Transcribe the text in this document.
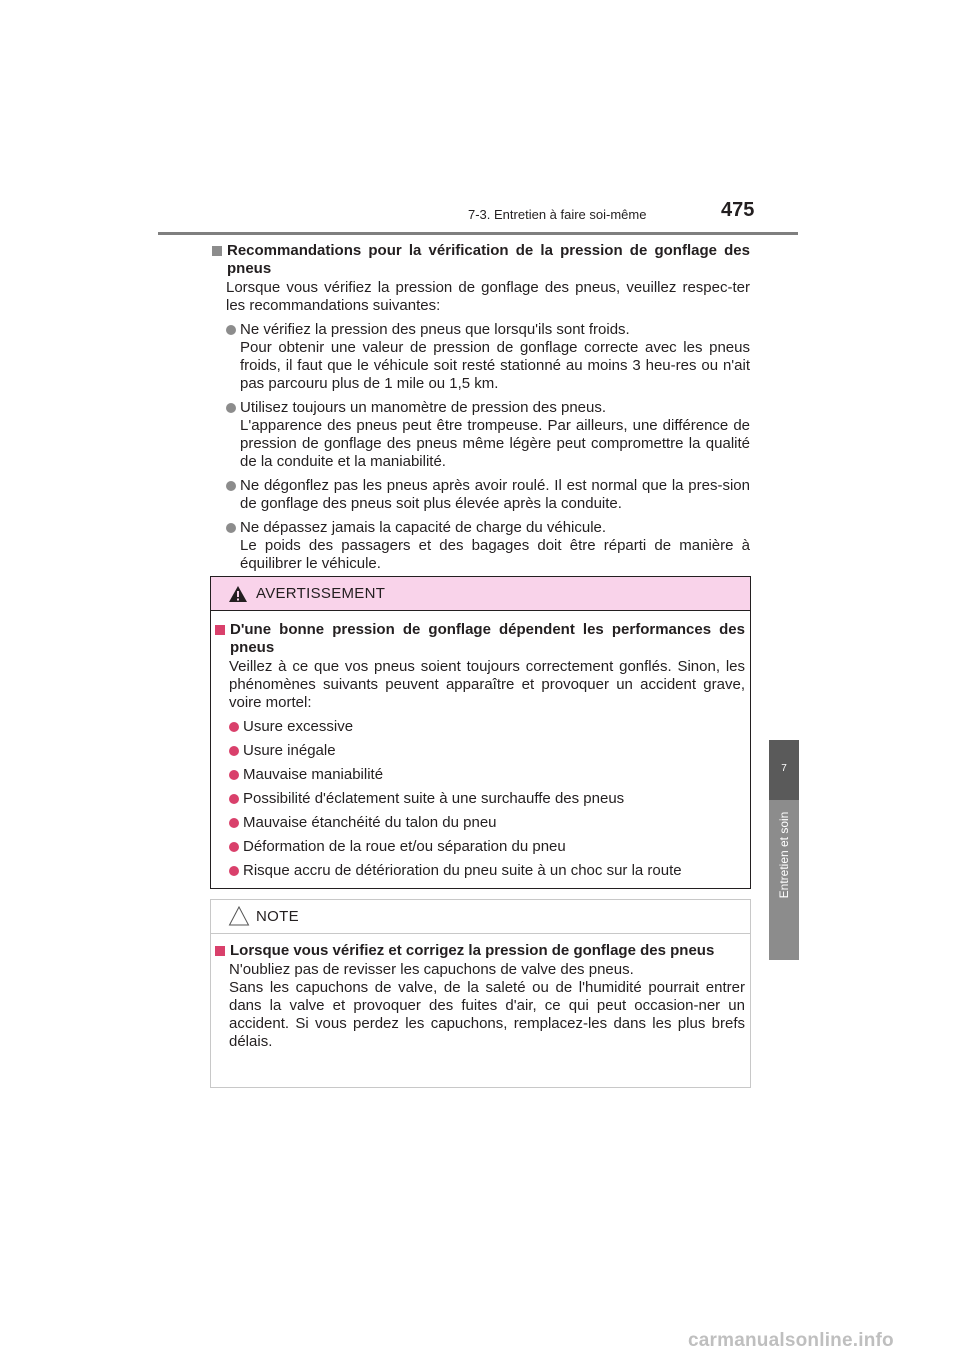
7-3. Entretien à faire soi-même	475
7
Entretien et soin
Recommandations pour la vérification de la pression de gonflage des pneus
Lorsque vous vérifiez la pression de gonflage des pneus, veuillez respec-ter les recommandations suivantes:
Ne vérifiez la pression des pneus que lorsqu'ils sont froids.
Pour obtenir une valeur de pression de gonflage correcte avec les pneus froids, il faut que le véhicule soit resté stationné au moins 3 heu-res ou n'ait pas parcouru plus de 1 mile ou 1,5 km.
Utilisez toujours un manomètre de pression des pneus.
L'apparence des pneus peut être trompeuse. Par ailleurs, une différence de pression de gonflage des pneus même légère peut compromettre la qualité de la conduite et la maniabilité.
Ne dégonflez pas les pneus après avoir roulé. Il est normal que la pres-sion de gonflage des pneus soit plus élevée après la conduite.
Ne dépassez jamais la capacité de charge du véhicule.
Le poids des passagers et des bagages doit être réparti de manière à équilibrer le véhicule.
AVERTISSEMENT
D'une bonne pression de gonflage dépendent les performances des pneus
Veillez à ce que vos pneus soient toujours correctement gonflés. Sinon, les phénomènes suivants peuvent apparaître et provoquer un accident grave, voire mortel:
Usure excessive
Usure inégale
Mauvaise maniabilité
Possibilité d'éclatement suite à une surchauffe des pneus
Mauvaise étanchéité du talon du pneu
Déformation de la roue et/ou séparation du pneu
Risque accru de détérioration du pneu suite à un choc sur la route
NOTE
Lorsque vous vérifiez et corrigez la pression de gonflage des pneus
N'oubliez pas de revisser les capuchons de valve des pneus.
Sans les capuchons de valve, de la saleté ou de l'humidité pourrait entrer dans la valve et provoquer des fuites d'air, ce qui peut occasion-ner un accident. Si vous perdez les capuchons, remplacez-les dans les plus brefs délais.
carmanualsonline.info
